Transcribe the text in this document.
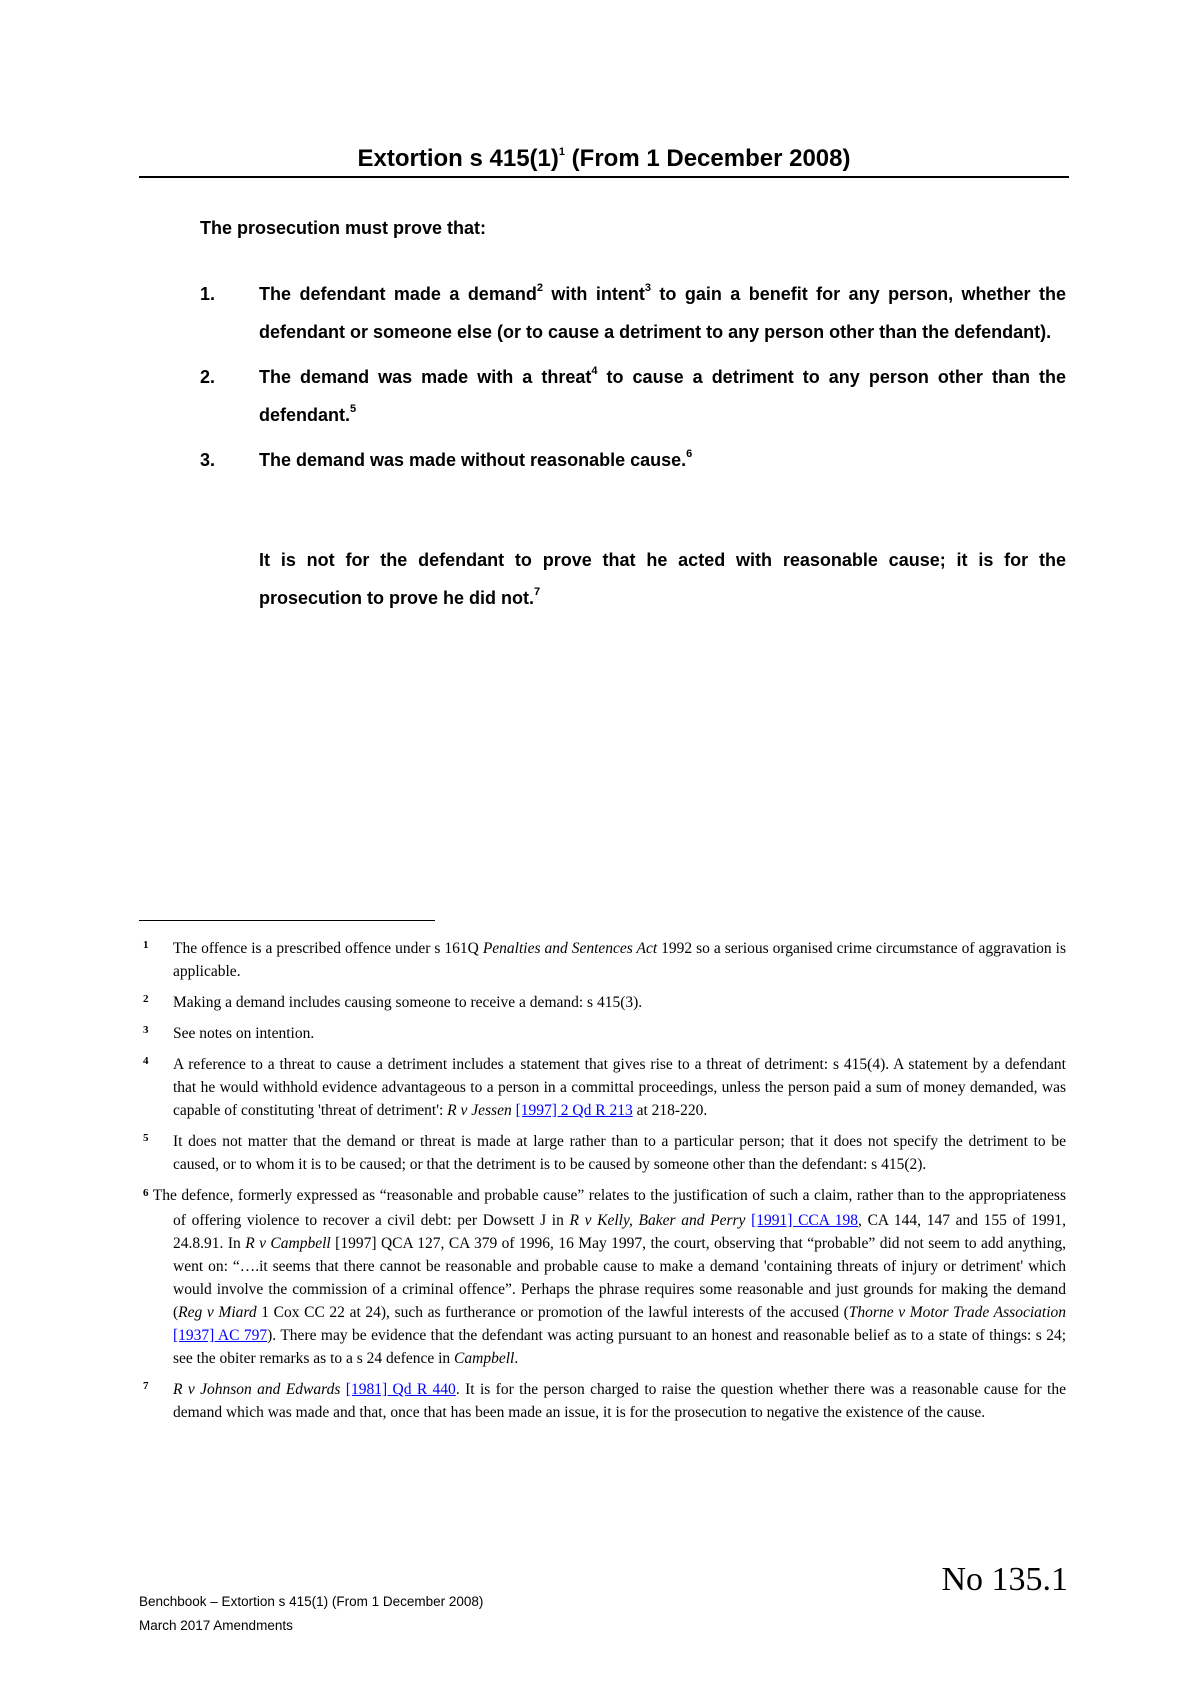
Extortion s $415(1)^1$ (From 1 December 2008)
The prosecution must prove that:
1. The defendant made a demand$^2$ with intent$^3$ to gain a benefit for any person, whether the defendant or someone else (or to cause a detriment to any person other than the defendant).
2. The demand was made with a threat$^4$ to cause a detriment to any person other than the defendant.$^5$
3. The demand was made without reasonable cause.$^6$
It is not for the defendant to prove that he acted with reasonable cause; it is for the prosecution to prove he did not.$^7$
1 The offence is a prescribed offence under s 161Q Penalties and Sentences Act 1992 so a serious organised crime circumstance of aggravation is applicable.
2 Making a demand includes causing someone to receive a demand: s 415(3).
3 See notes on intention.
4 A reference to a threat to cause a detriment includes a statement that gives rise to a threat of detriment: s 415(4). A statement by a defendant that he would withhold evidence advantageous to a person in a committal proceedings, unless the person paid a sum of money demanded, was capable of constituting 'threat of detriment': R v Jessen [1997] 2 Qd R 213 at 218-220.
5 It does not matter that the demand or threat is made at large rather than to a particular person; that it does not specify the detriment to be caused, or to whom it is to be caused; or that the detriment is to be caused by someone other than the defendant: s 415(2).
$^6$ The defence, formerly expressed as “reasonable and probable cause” relates to the justification of such a claim, rather than to the appropriateness of offering violence to recover a civil debt: per Dowsett J in R v Kelly, Baker and Perry [1991] CCA 198, CA 144, 147 and 155 of 1991, 24.8.91. In R v Campbell [1997] QCA 127, CA 379 of 1996, 16 May 1997, the court, observing that “probable” did not seem to add anything, went on: “….it seems that there cannot be reasonable and probable cause to make a demand 'containing threats of injury or detriment' which would involve the commission of a criminal offence”. Perhaps the phrase requires some reasonable and just grounds for making the demand (Reg v Miard 1 Cox CC 22 at 24), such as furtherance or promotion of the lawful interests of the accused (Thorne v Motor Trade Association [1937] AC 797). There may be evidence that the defendant was acting pursuant to an honest and reasonable belief as to a state of things: s 24; see the obiter remarks as to a s 24 defence in Campbell.
7 R v Johnson and Edwards [1981] Qd R 440. It is for the person charged to raise the question whether there was a reasonable cause for the demand which was made and that, once that has been made an issue, it is for the prosecution to negative the existence of the cause.
Benchbook – Extortion s 415(1) (From 1 December 2008)
March 2017 Amendments
No 135.1
